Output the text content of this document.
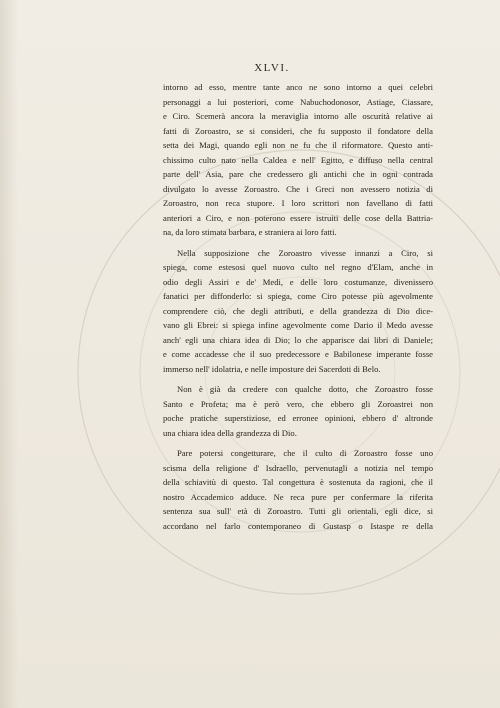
XLVI.
intorno ad esso, mentre tante anco ne sono intorno a quei celebri
personaggi a lui posteriori, come Nabuchodonosor, Astiage, Ciassare,
e Ciro. Scemerà ancora la meraviglia intorno alle oscurità relative ai
fatti di Zoroastro, se si consideri, che fu supposto il fondatore della
setta dei Magi, quando egli non ne fu che il riformatore. Questo anti-
chissimo culto nato nella Caldea e nell' Egitto, e diffuso nella central
parte dell' Asia, pare che credessero gli antichi che in ogni contrada
divulgato lo avesse Zoroastro. Che i Greci non avessero notizia di
Zoroastro, non reca stupore. I loro scrittori non favellano di fatti
anteriori a Ciro, e non poterono essere istruiti delle cose della Battria-
na, da loro stimata barbara, e straniera ai loro fatti.
Nella supposizione che Zoroastro vivesse innanzi a Ciro, si
spiega, come estesosi quel nuovo culto nel regno d'Elam, anche in
odio degli Assiri e de' Medi, e delle loro costumanze, divenissero
fanatici per diffonderlo: si spiega, come Ciro potesse più agevolmente
comprendere ciò, che degli attributi, e della grandezza di Dio dice-
vano gli Ebrei: si spiega infine agevolmente come Dario il Medo avesse
anch' egli una chiara idea di Dio; lo che apparisce dai libri di Daniele;
e come accadesse che il suo predecessore e Babilonese imperante fosse
immerso nell' idolatria, e nelle imposture dei Sacerdoti di Belo.
Non è già da credere con qualche dotto, che Zoroastro fosse
Santo e Profeta; ma è però vero, che ebbero gli Zoroastrei non
poche pratiche superstiziose, ed erronee opinioni, ebbero d' altronde
una chiara idea della grandezza di Dio.
Pare potersi congetturare, che il culto di Zoroastro fosse uno
scisma della religione d' Isdraello, pervenutagli a notizia nel tempo
della schiavitù di questo. Tal congettura è sostenuta da ragioni, che il
nostro Accademico adduce. Ne reca pure per confermare la riferita
sentenza sua sull' età di Zoroastro. Tutti gli orientali, egli dice, si
accordano nel farlo contemporaneo di Gustasp o Istaspe re della
